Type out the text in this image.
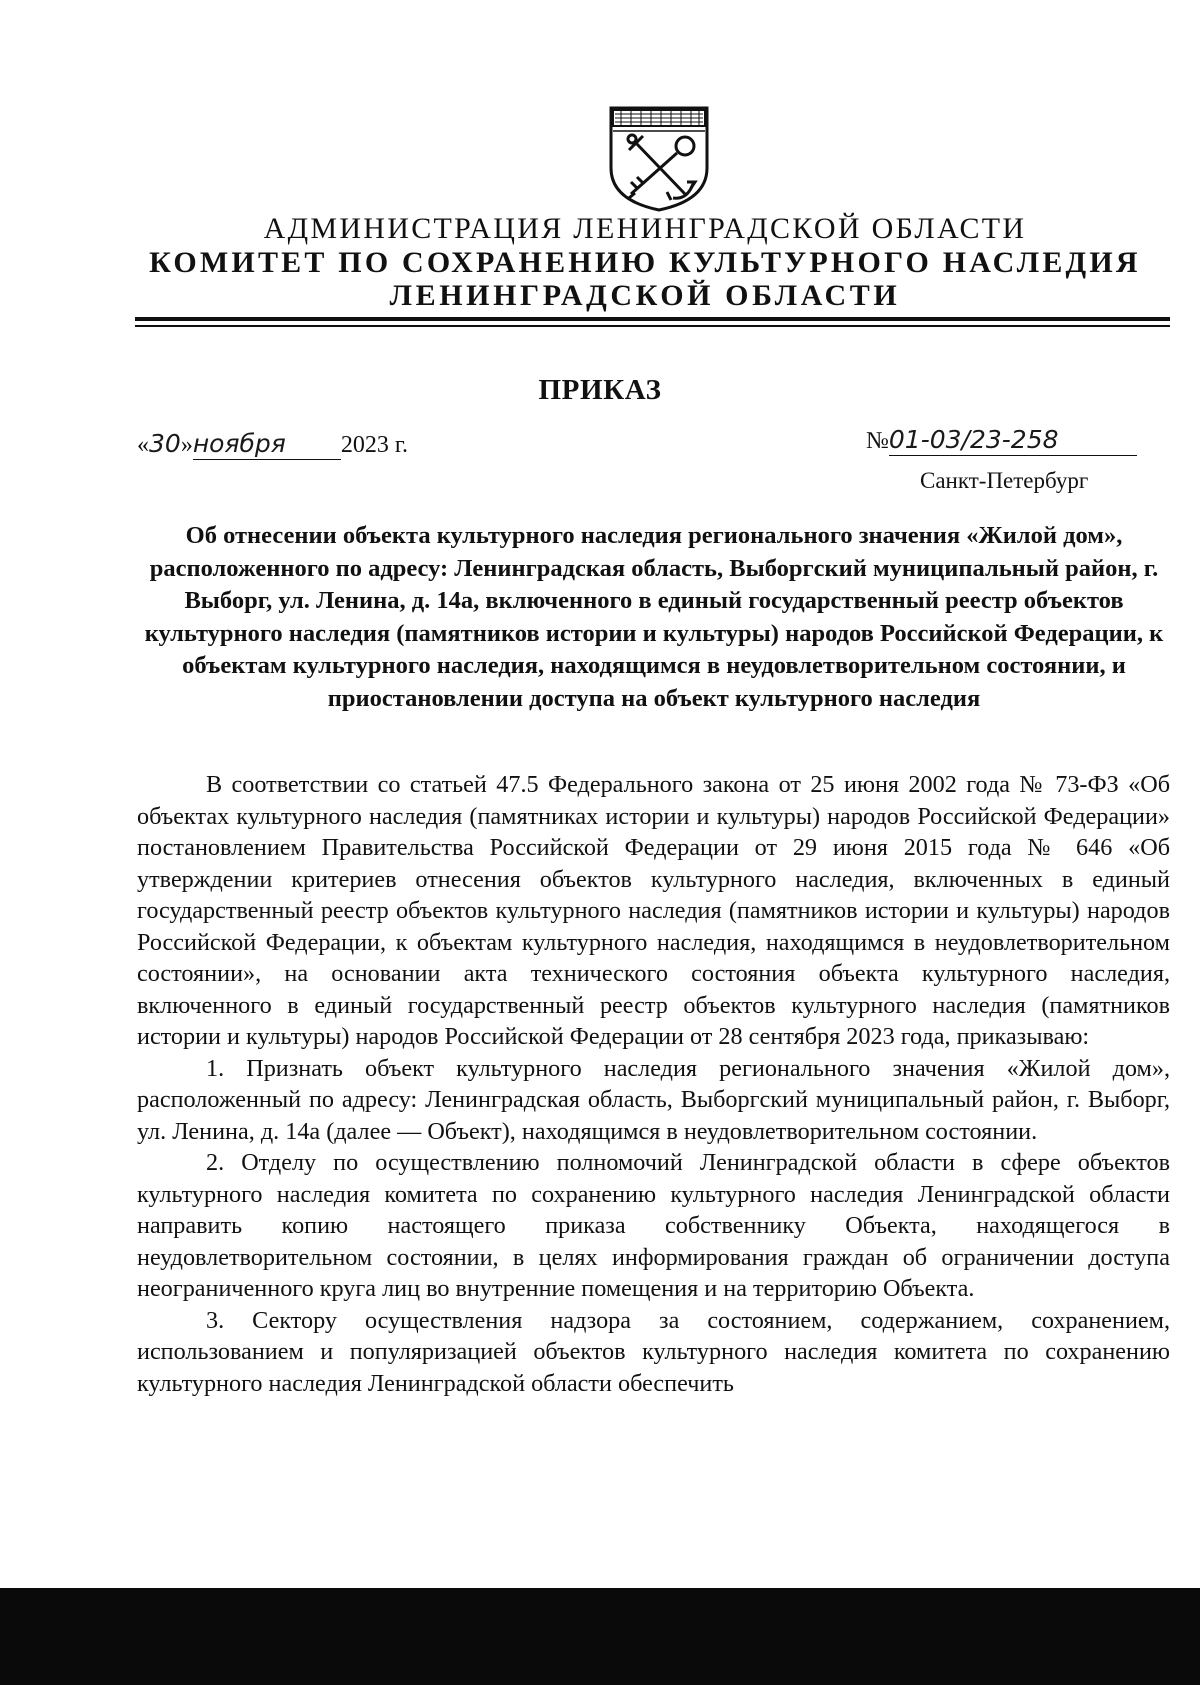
АДМИНИСТРАЦИЯ ЛЕНИНГРАДСКОЙ ОБЛАСТИ
КОМИТЕТ ПО СОХРАНЕНИЮ КУЛЬТУРНОГО НАСЛЕДИЯ
ЛЕНИНГРАДСКОЙ ОБЛАСТИ
ПРИКАЗ
«30»ноября 2023 г.	№01-03/23-258
Санкт-Петербург
Об отнесении объекта культурного наследия регионального значения «Жилой дом», расположенного по адресу: Ленинградская область, Выборгский муниципальный район, г. Выборг, ул. Ленина, д. 14а, включенного в единый государственный реестр объектов культурного наследия (памятников истории и культуры) народов Российской Федерации, к объектам культурного наследия, находящимся в неудовлетворительном состоянии, и приостановлении доступа на объект культурного наследия

В соответствии со статьей 47.5 Федерального закона от 25 июня 2002 года № 73-ФЗ «Об объектах культурного наследия (памятниках истории и культуры) народов Российской Федерации» постановлением Правительства Российской Федерации от 29 июня 2015 года № 646 «Об утверждении критериев отнесения объектов культурного наследия, включенных в единый государственный реестр объектов культурного наследия (памятников истории и культуры) народов Российской Федерации, к объектам культурного наследия, находящимся в неудовлетворительном состоянии», на основании акта технического состояния объекта культурного наследия, включенного в единый государственный реестр объектов культурного наследия (памятников истории и культуры) народов Российской Федерации от 28 сентября 2023 года, приказываю:

1. Признать объект культурного наследия регионального значения «Жилой дом», расположенный по адресу: Ленинградская область, Выборгский муниципальный район, г. Выборг, ул. Ленина, д. 14а (далее — Объект), находящимся в неудовлетворительном состоянии.

2. Отделу по осуществлению полномочий Ленинградской области в сфере объектов культурного наследия комитета по сохранению культурного наследия Ленинградской области направить копию настоящего приказа собственнику Объекта, находящегося в неудовлетворительном состоянии, в целях информирования граждан об ограничении доступа неограниченного круга лиц во внутренние помещения и на территорию Объекта.

3. Сектору осуществления надзора за состоянием, содержанием, сохранением, использованием и популяризацией объектов культурного наследия комитета по сохранению культурного наследия Ленинградской области обеспечить
